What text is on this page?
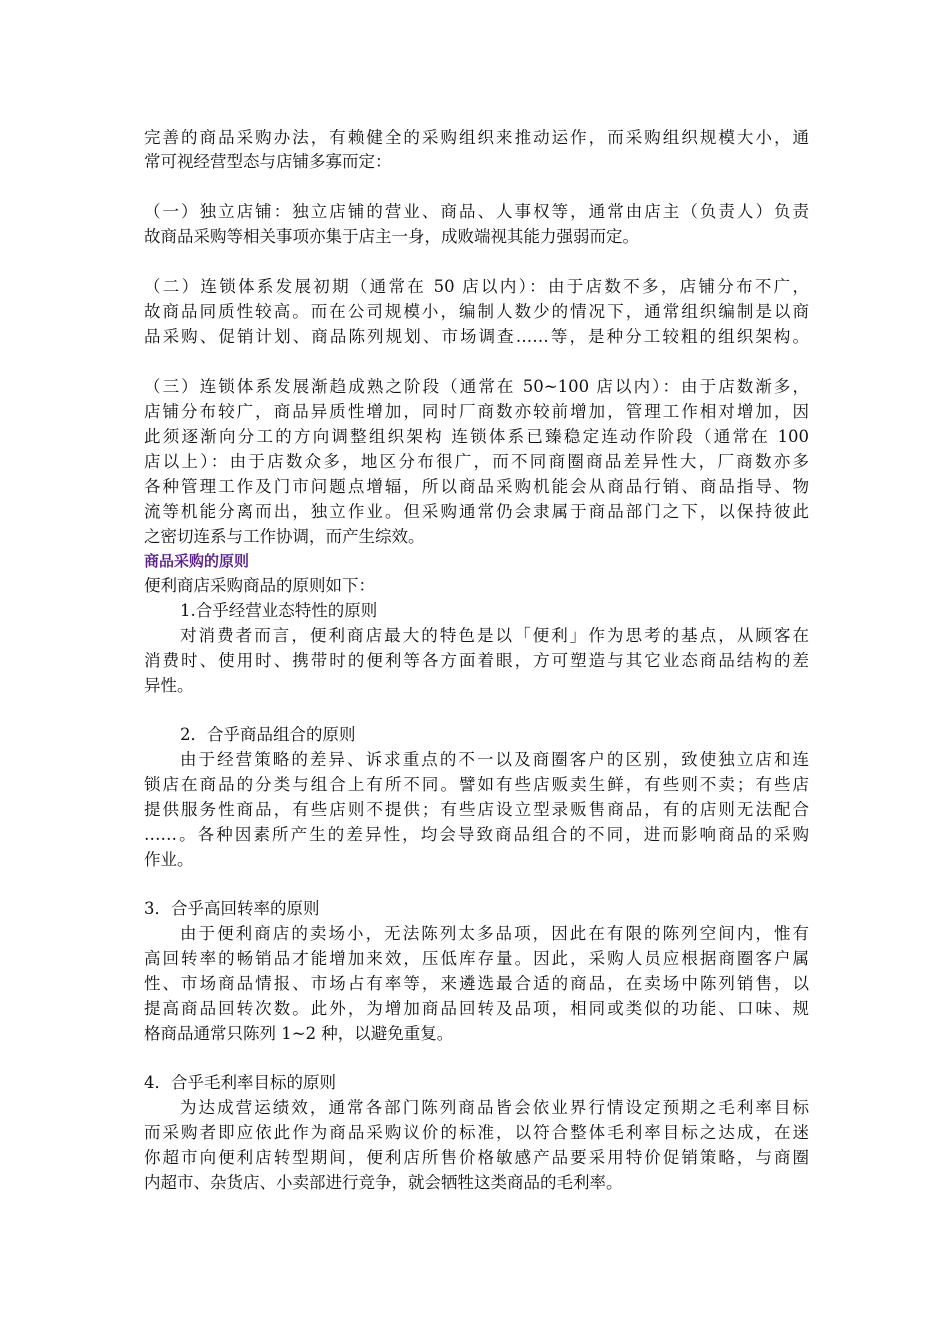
完善的商品采购办法，有赖健全的采购组织来推动运作，而采购组织规模大小，通
常可视经营型态与店铺多寡而定：
（一）独立店铺：独立店铺的营业、商品、人事权等，通常由店主（负责人）负责
故商品采购等相关事项亦集于店主一身，成败端视其能力强弱而定。
（二）连锁体系发展初期（通常在 50 店以内）：由于店数不多，店铺分布不广，
故商品同质性较高。而在公司规模小，编制人数少的情况下，通常组织编制是以商
品采购、促销计划、商品陈列规划、市场调查……等，是种分工较粗的组织架构。
（三）连锁体系发展渐趋成熟之阶段（通常在 50~100 店以内）：由于店数渐多，
店铺分布较广，商品异质性增加，同时厂商数亦较前增加，管理工作相对增加，因
此须逐渐向分工的方向调整组织架构 连锁体系已臻稳定连动作阶段（通常在 100
店以上）：由于店数众多，地区分布很广，而不同商圈商品差异性大，厂商数亦多
各种管理工作及门市问题点增辐，所以商品采购机能会从商品行销、商品指导、物
流等机能分离而出，独立作业。但采购通常仍会隶属于商品部门之下，以保持彼此
之密切连系与工作协调，而产生综效。
商品采购的原则
便利商店采购商品的原则如下：
1.合乎经营业态特性的原则
对消费者而言，便利商店最大的特色是以「便利」作为思考的基点，从顾客在
消费时、使用时、携带时的便利等各方面着眼，方可塑造与其它业态商品结构的差
异性。
2．合乎商品组合的原则
由于经营策略的差异、诉求重点的不一以及商圈客户的区别，致使独立店和连
锁店在商品的分类与组合上有所不同。譬如有些店贩卖生鲜，有些则不卖；有些店
提供服务性商品，有些店则不提供；有些店设立型录贩售商品，有的店则无法配合
……。各种因素所产生的差异性，均会导致商品组合的不同，进而影响商品的采购
作业。
3．合乎高回转率的原则
由于便利商店的卖场小，无法陈列太多品项，因此在有限的陈列空间内，惟有
高回转率的畅销品才能增加来效，压低库存量。因此，采购人员应根据商圈客户属
性、市场商品情报、市场占有率等，来遴选最合适的商品，在卖场中陈列销售，以
提高商品回转次数。此外，为增加商品回转及品项，相同或类似的功能、口味、规
格商品通常只陈列 1~2 种，以避免重复。
4．合乎毛利率目标的原则
为达成营运绩效，通常各部门陈列商品皆会依业界行情设定预期之毛利率目标
而采购者即应依此作为商品采购议价的标准，以符合整体毛利率目标之达成，在迷
你超市向便利店转型期间，便利店所售价格敏感产品要采用特价促销策略，与商圈
内超市、杂货店、小卖部进行竞争，就会牺牲这类商品的毛利率。
